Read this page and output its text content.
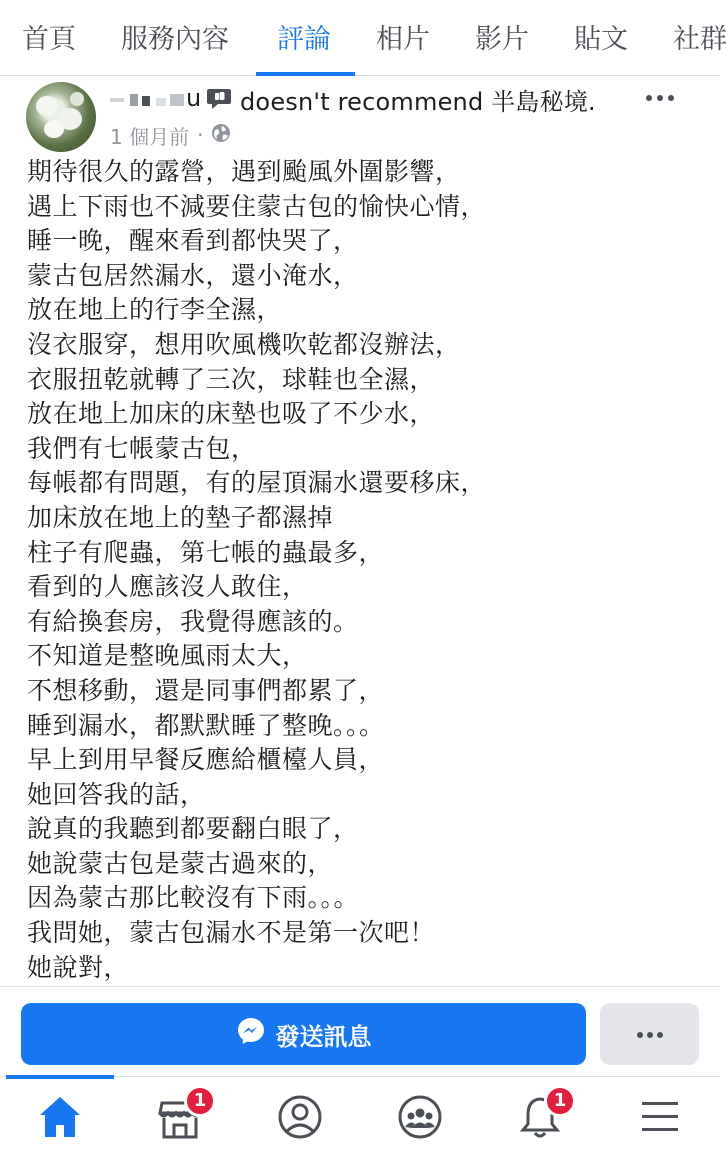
首頁 服務內容 評論 相片 影片 貼文 社群
u doesn't recommend 半島秘境.
1 個月前 ·
期待很久的露營，遇到颱風外圍影響，
遇上下雨也不減要住蒙古包的愉快心情，
睡一晚，醒來看到都快哭了，
蒙古包居然漏水，還小淹水，
放在地上的行李全濕，
沒衣服穿，想用吹風機吹乾都沒辦法，
衣服扭乾就轉了三次，球鞋也全濕，
放在地上加床的床墊也吸了不少水，
我們有七帳蒙古包，
每帳都有問題，有的屋頂漏水還要移床，
加床放在地上的墊子都濕掉
柱子有爬蟲，第七帳的蟲最多，
看到的人應該沒人敢住，
有給換套房，我覺得應該的。
不知道是整晚風雨太大，
不想移動，還是同事們都累了，
睡到漏水，都默默睡了整晚。。。
早上到用早餐反應給櫃檯人員，
她回答我的話，
說真的我聽到都要翻白眼了，
她說蒙古包是蒙古過來的，
因為蒙古那比較沒有下雨。。。
我問她，蒙古包漏水不是第一次吧！
她說對，
發送訊息
1	1
